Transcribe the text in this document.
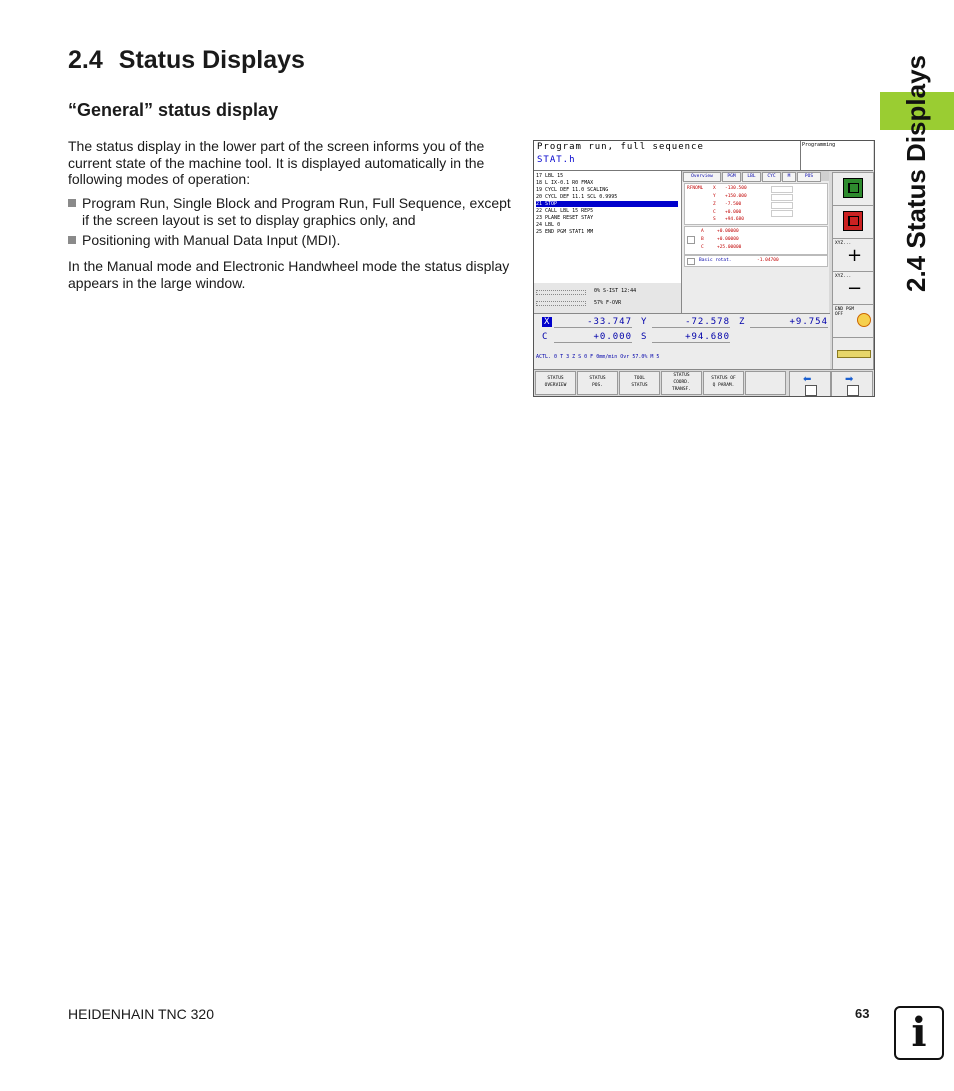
2.4 Status Displays
“General” status display

The status display in the lower part of the screen informs you of the current state of the machine tool. It is displayed automatically in the following modes of operation:

Program Run, Single Block and Program Run, Full Sequence, except if the screen layout is set to display graphics only, and
Positioning with Manual Data Input (MDI).

In the Manual mode and Electronic Handwheel mode the status display appears in the large window.	2.4 Status Displays
Program run, full sequence
STAT.h
Programming
17 LBL 15
18 L IX-0.1 R0 FMAX
19 CYCL DEF 11.0 SCALING
20 CYCL DEF 11.1 SCL 0.9995
21 STOP
22 CALL LBL 15 REP5
23 PLANE RESET STAY
24 LBL 0
25 END PGM STAT1 MM
0% S-IST 12:44
57% F-OVR
Overview	PGM	LBL	CYC	M	POS
RFNOML X -130.500
Y +150.000
Z -7.500
C +0.000
S +94.680
A	+0.00000
B	+0.00000
C	+25.00000
Basic rotat.	-1.04700
XYZ...
+
XYZ...
−
END PGM OFF
X	-33.747 Y	-72.578 Z	+9.754
C	+0.000 S	+94.680
ACTL. 0 T 3 Z S 0 F 0mm/min Ovr 57.0% M 5
STATUS
OVERVIEW
STATUS
POS.
TOOL
STATUS
STATUS
COORD.
TRANSF.
STATUS OF
Q PARAM.
⬅	➡
HEIDENHAIN TNC 320	63	i
